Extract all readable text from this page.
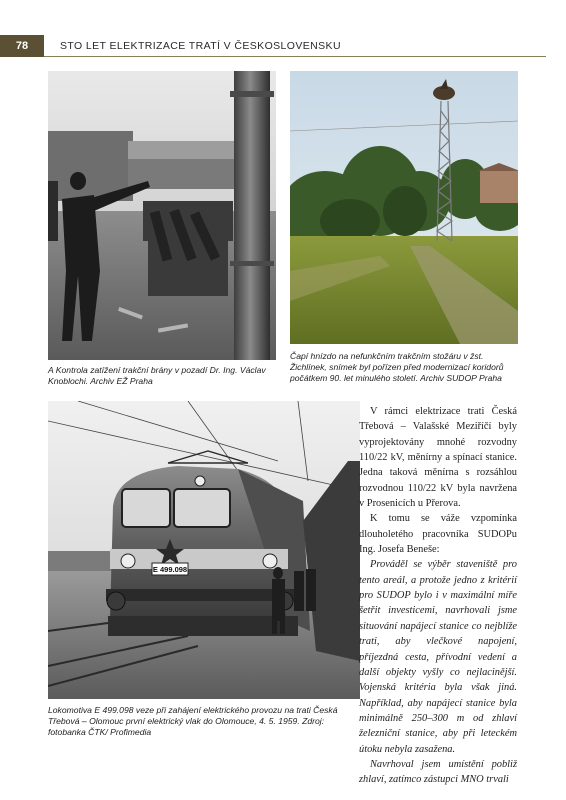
78	STO LET ELEKTRIZACE TRATÍ V ČESKOSLOVENSKU
A Kontrola zatížení trakční brány v pozadí Dr. Ing. Václav Knoblochi. Archiv EŽ Praha
Čapí hnízdo na nefunkčním trakčním stožáru v žst. Žichlínek, snímek byl pořízen před modernizací koridorů počátkem 90. let minulého století. Archiv SUDOP Praha
E 499.098
Lokomotiva E 499.098 veze při zahájení elektrického provozu na trati Česká Třebová – Olomouc první elektrický vlak do Olomouce, 4. 5. 1959. Zdroj: fotobanka ČTK/ Profimedia

V rámci elektrizace trati Česká Třebová – Valašské Meziříčí byly vyprojektovány mnohé rozvodny 110/22 kV, měnírny a spínací stanice. Jedna taková měnírna s rozsáhlou rozvodnou 110/22 kV byla navržena v Prosenicích u Přerova.

K tomu se váže vzpomínka dlouholetého pracovníka SUDOPu Ing. Josefa Beneše:

Prováděl se výběr staveniště pro tento areál, a protože jedno z kritérií pro SUDOP bylo i v maximální míře šetřit investicemi, navrhovali jsme situování napájecí stanice co nejblíže trati, aby vlečkové napojení, příjezdná cesta, přívodní vedení a další objekty vyšly co nejlacinější. Vojenská kritéria byla však jiná. Například, aby napájecí stanice byla minimálně 250–300 m od zhlaví železniční stanice, aby při leteckém útoku nebyla zasažena.

Navrhoval jsem umístění pobliž zhlaví, zatímco zástupci MNO trvali
